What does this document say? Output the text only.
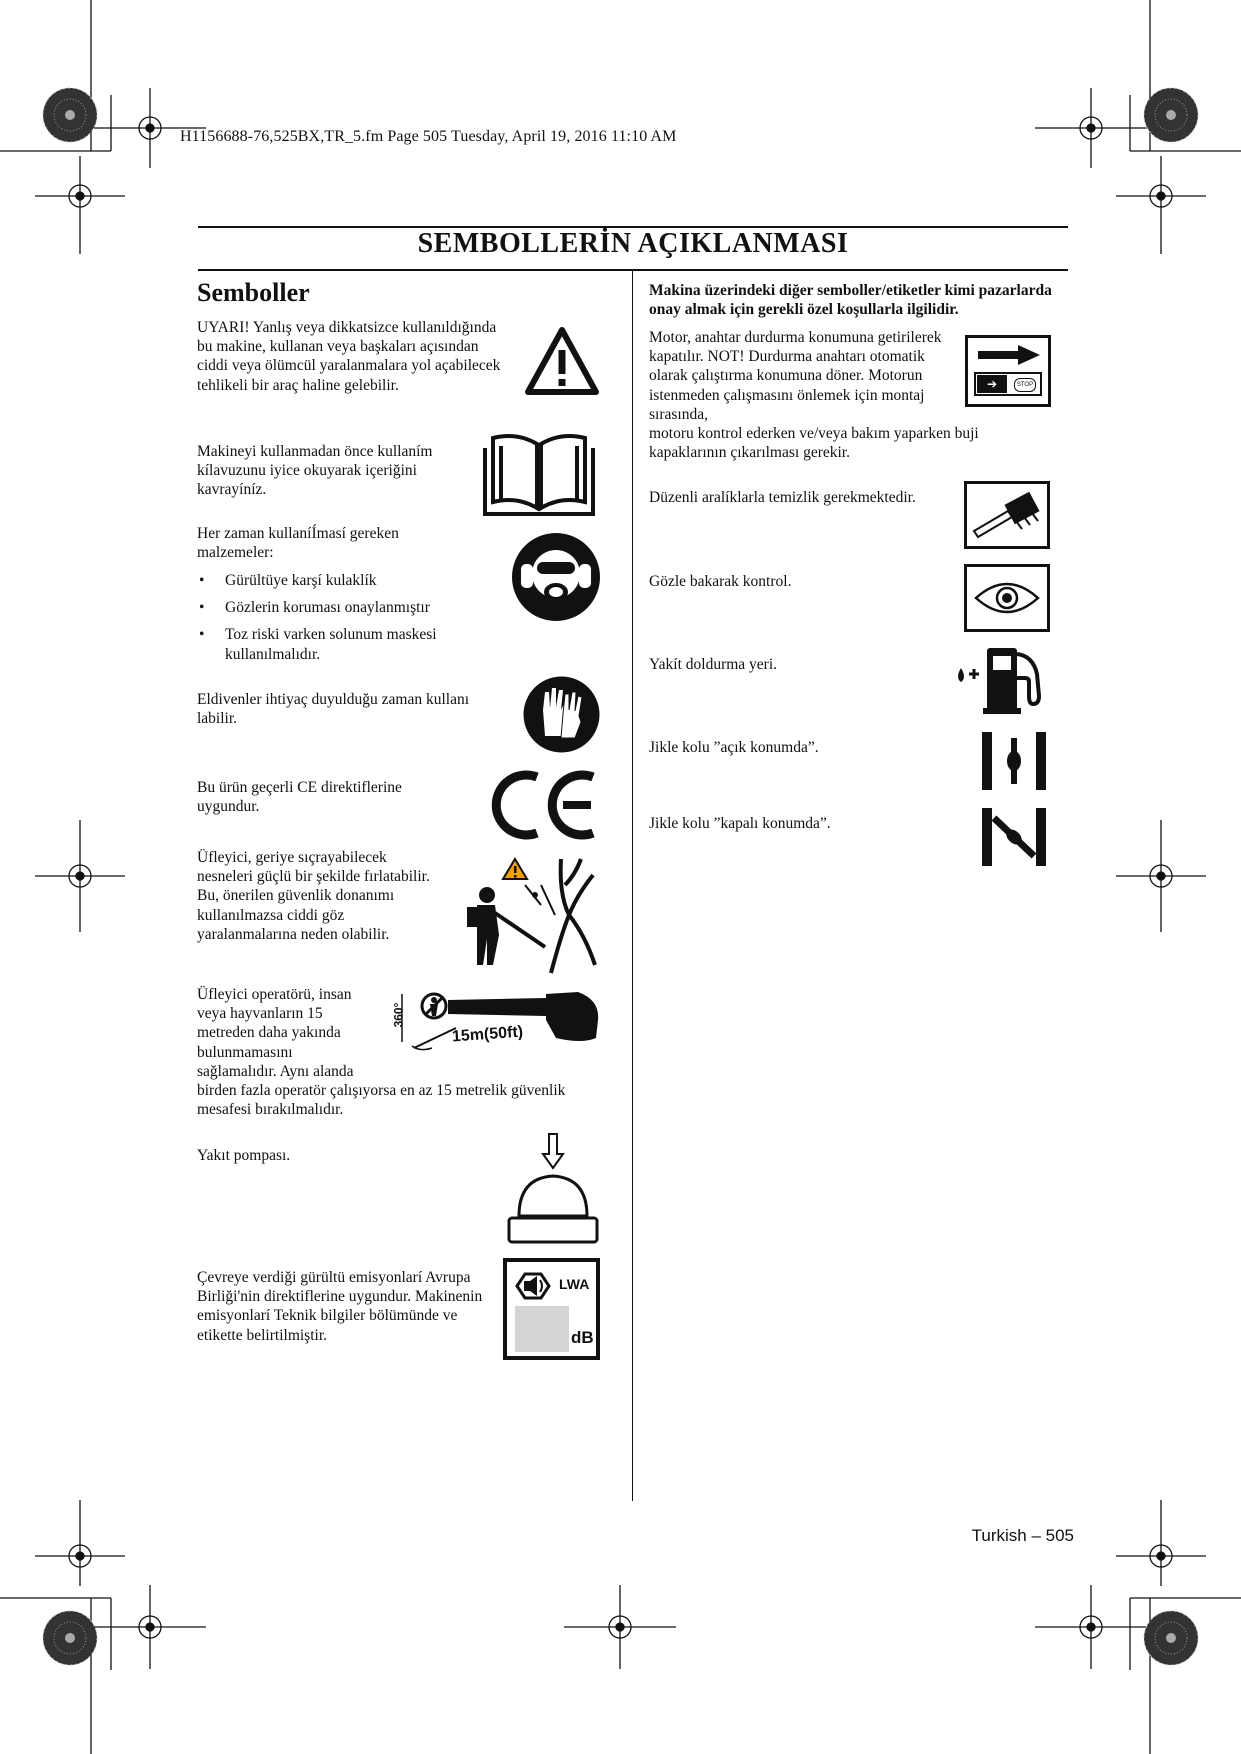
H1156688-76,525BX,TR_5.fm Page 505 Tuesday, April 19, 2016 11:10 AM
SEMBOLLERİN AÇIKLANMASI
Semboller
UYARI! Yanlış veya dikkatsizce kullanıldığında bu makine, kullanan veya başkaları açısından ciddi veya ölümcül yaralanmalara yol açabilecek tehlikeli bir araç haline gelebilir.
Makineyi kullanmadan önce kullaním kílavuzunu iyice okuyarak içeriğini kavrayíníz.
Her zaman kullaníÍmasí gereken malzemeler:
• Gürültüye karşí kulaklík
• Gözlerin koruması onaylanmıştır
• Toz riski varken solunum maskesi kullanılmalıdır.
Eldivenler ihtiyaç duyulduğu zaman kullanı labilir.
Bu ürün geçerli CE direktiflerine uygundur.
Üfleyici, geriye sıçrayabilecek nesneleri güçlü bir şekilde fırlatabilir. Bu, önerilen güvenlik donanımı kullanılmazsa ciddi göz yaralanmalarına neden olabilir.
Üfleyici operatörü, insan veya hayvanların 15 metreden daha yakında bulunmamasını sağlamalıdır. Aynı alanda
birden fazla operatör çalışıyorsa en az 15 metrelik güvenlik mesafesi bırakılmalıdır.
360°
15m(50ft)
Yakıt pompası.
Çevreye verdiği gürültü emisyonlarí Avrupa Birliği'nin direktiflerine uygundur. Makinenin emisyonlarí Teknik bilgiler bölümünde ve etikette belirtilmiştir.
LWA
dB
Makina üzerindeki diğer semboller/etiketler kimi pazarlarda onay almak için gerekli özel koşullarla ilgilidir.
Motor, anahtar durdurma konumuna getirilerek kapatılır. NOT! Durdurma anahtarı otomatik olarak çalıştırma konumuna döner. Motorun istenmeden çalışmasını önlemek için montaj sırasında,
motoru kontrol ederken ve/veya bakım yaparken buji kapaklarının çıkarılması gerekir.
➔	STOP
Düzenli aralíklarla temizlik gerekmektedir.
Gözle bakarak kontrol.
Yakít doldurma yeri.
Jikle kolu ”açık konumda”.
Jikle kolu ”kapalı konumda”.
Turkish – 505
